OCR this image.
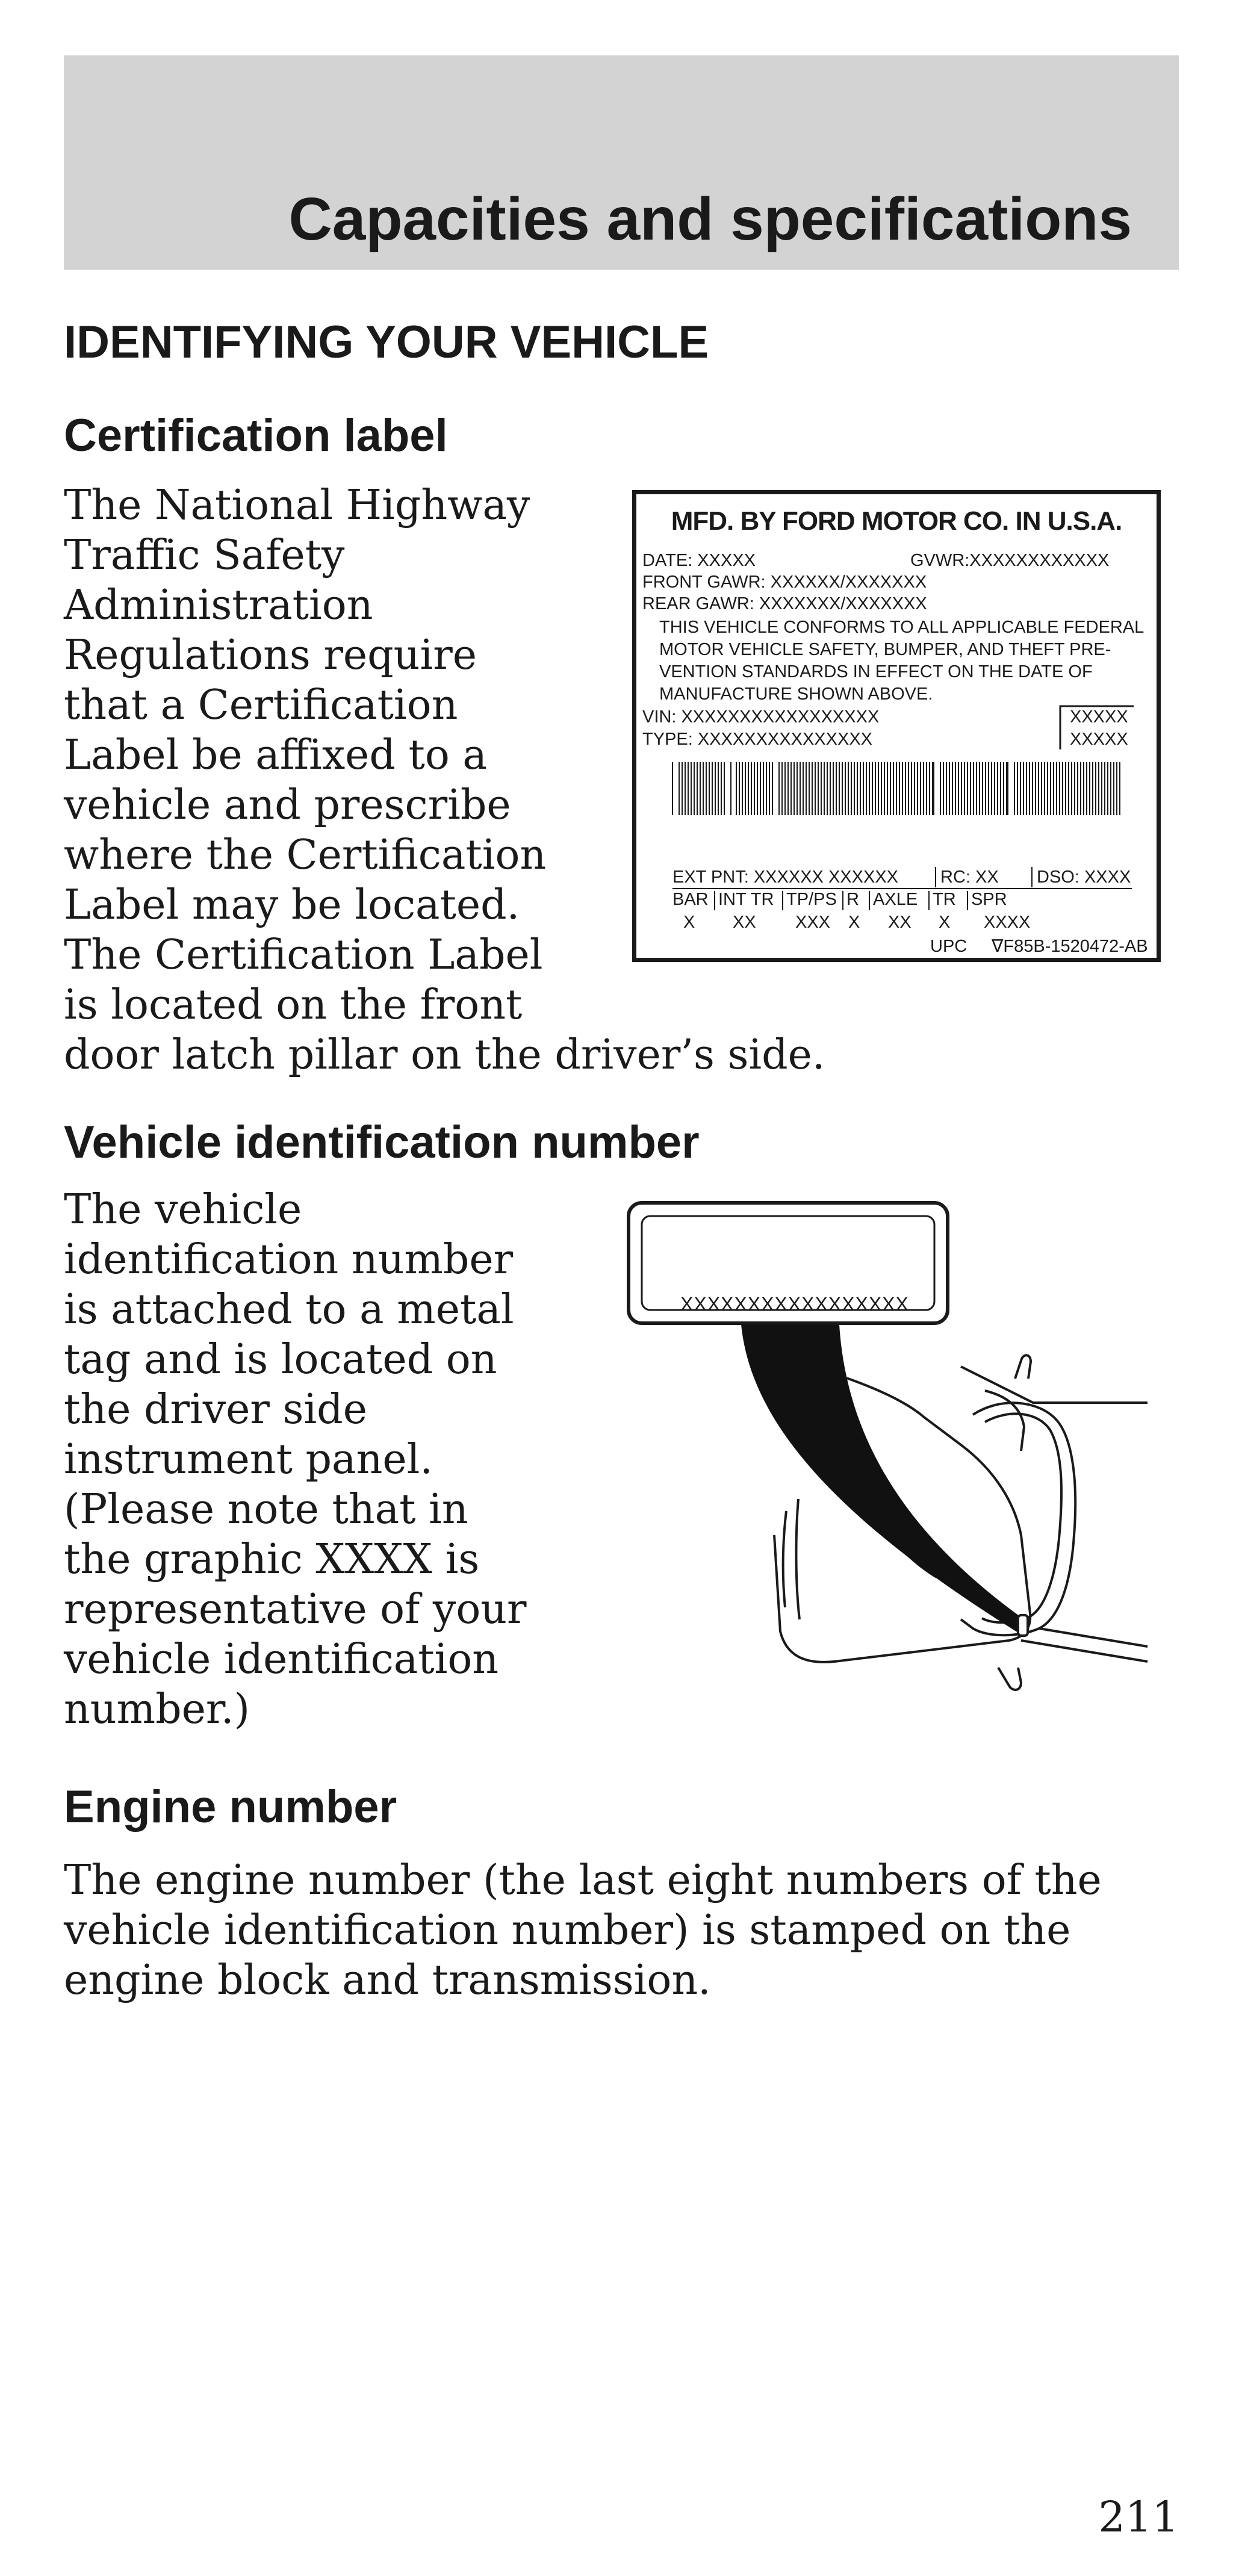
Capacities and specifications
IDENTIFYING YOUR VEHICLE
Certification label
The National Highway
Traffic Safety
Administration
Regulations require
that a Certification
Label be affixed to a
vehicle and prescribe
where the Certification
Label may be located.
The Certification Label
is located on the front
door latch pillar on the driver’s side.
MFD. BY FORD MOTOR CO. IN U.S.A.
DATE: XXXXX	GVWR:XXXXXXXXXXXX
FRONT GAWR: XXXXXX/XXXXXXX
REAR GAWR: XXXXXXX/XXXXXXX
THIS VEHICLE CONFORMS TO ALL APPLICABLE FEDERAL
MOTOR VEHICLE SAFETY, BUMPER, AND THEFT PRE-
VENTION STANDARDS IN EFFECT ON THE DATE OF
MANUFACTURE SHOWN ABOVE.
VIN: XXXXXXXXXXXXXXXXX
TYPE: XXXXXXXXXXXXXXX
XXXXX
XXXXX
EXT PNT: XXXXXX XXXXXX RC: XX DSO: XXXX
BAR INT TR TP/PS R AXLE TR SPR
X XX XXX X XX X XXXX
UPC ∇F85B-1520472-AB
Vehicle identification number
The vehicle
identification number
is attached to a metal
tag and is located on
the driver side
instrument panel.
(Please note that in
the graphic XXXX is
representative of your
vehicle identification
number.)
XXXXXXXXXXXXXXXXX
Engine number
The engine number (the last eight numbers of the
vehicle identification number) is stamped on the
engine block and transmission.
211
